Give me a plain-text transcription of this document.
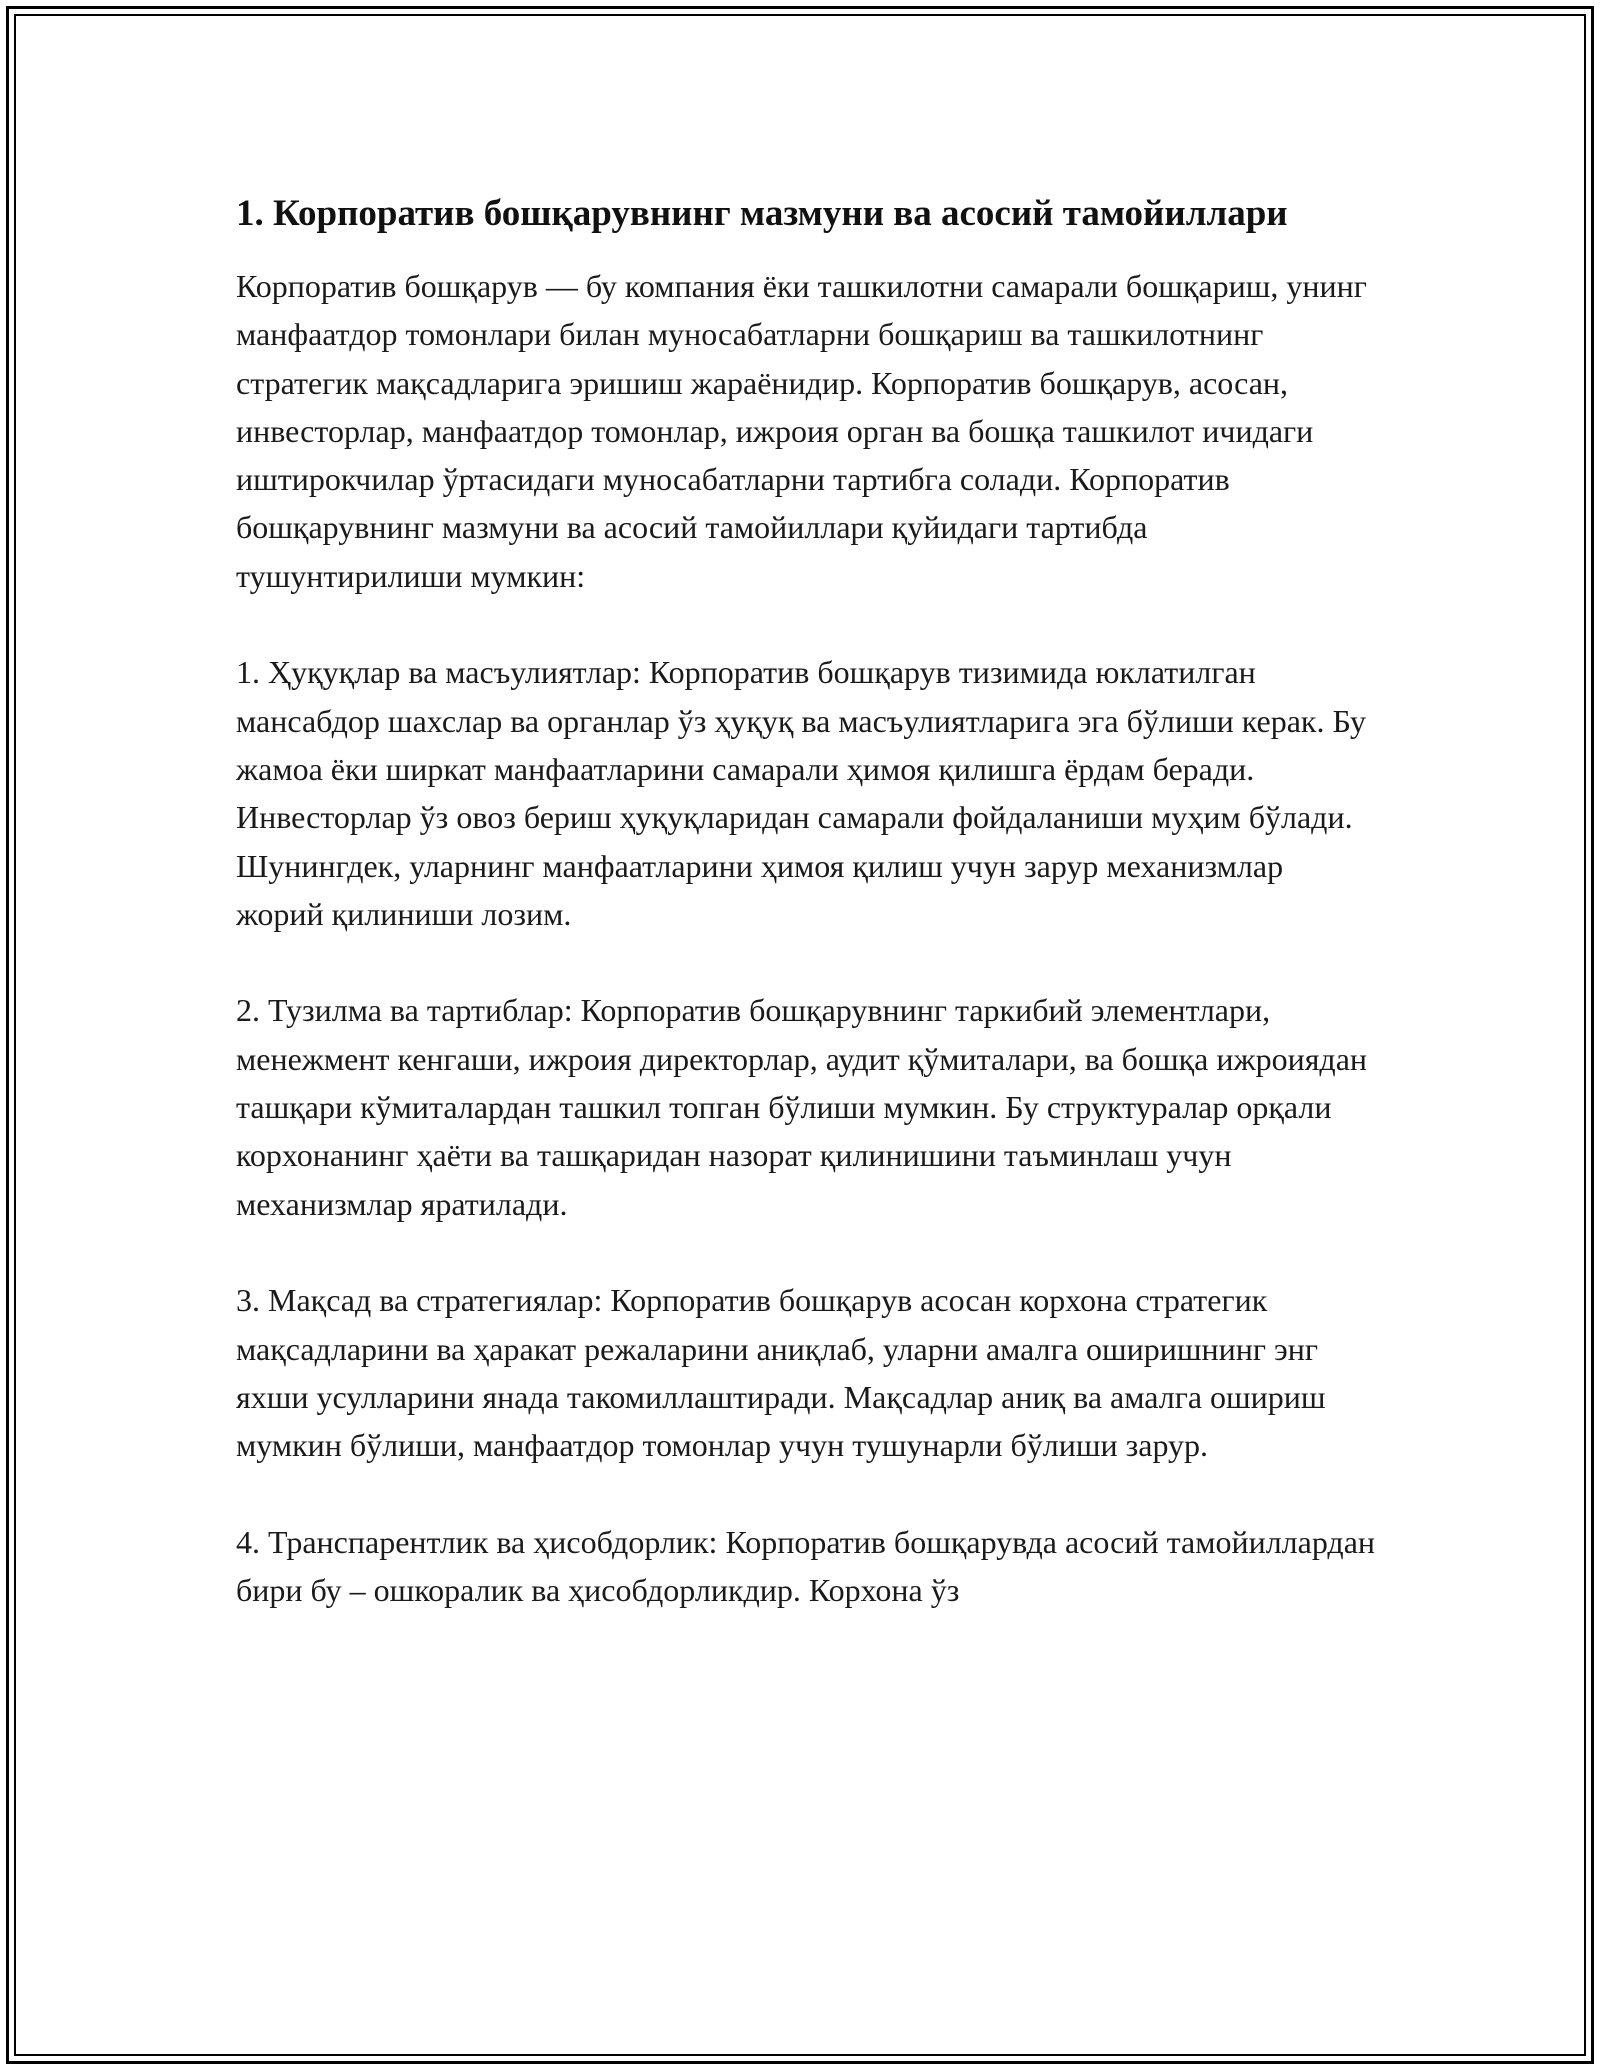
1. Корпоратив бошқарувнинг мазмуни ва асосий тамойиллари

Корпоратив бошқарув — бу компания ёки ташкилотни самарали бошқариш, унинг манфаатдор томонлари билан муносабатларни бошқариш ва ташкилотнинг стратегик мақсадларига эришиш жараёнидир. Корпоратив бошқарув, асосан, инвесторлар, манфаатдор томонлар, ижроия орган ва бошқа ташкилот ичидаги иштирокчилар ўртасидаги муносабатларни тартибга солади. Корпоратив бошқарувнинг мазмуни ва асосий тамойиллари қуйидаги тартибда тушунтирилиши мумкин:

1. Ҳуқуқлар ва масъулиятлар: Корпоратив бошқарув тизимида юклатилган мансабдор шахслар ва органлар ўз ҳуқуқ ва масъулиятларига эга бўлиши керак. Бу жамоа ёки ширкат манфаатларини самарали ҳимоя қилишга ёрдам беради. Инвесторлар ўз овоз бериш ҳуқуқларидан самарали фойдаланиши муҳим бўлади. Шунингдек, уларнинг манфаатларини ҳимоя қилиш учун зарур механизмлар жорий қилиниши лозим.

2. Тузилма ва тартиблар: Корпоратив бошқарувнинг таркибий элементлари, менежмент кенгаши, ижроия директорлар, аудит қўмиталари, ва бошқа ижроиядан ташқари кўмиталардан ташкил топган бўлиши мумкин. Бу структуралар орқали корхонанинг ҳаёти ва ташқаридан назорат қилинишини таъминлаш учун механизмлар яратилади.

3. Мақсад ва стратегиялар: Корпоратив бошқарув асосан корхона стратегик мақсадларини ва ҳаракат режаларини аниқлаб, уларни амалга оширишнинг энг яхши усулларини янада такомиллаштиради. Мақсадлар аниқ ва амалга ошириш мумкин бўлиши, манфаатдор томонлар учун тушунарли бўлиши зарур.

4. Транспарентлик ва ҳисобдорлик: Корпоратив бошқарувда асосий тамойиллардан бири бу – ошкоралик ва ҳисобдорликдир. Корхона ўз
